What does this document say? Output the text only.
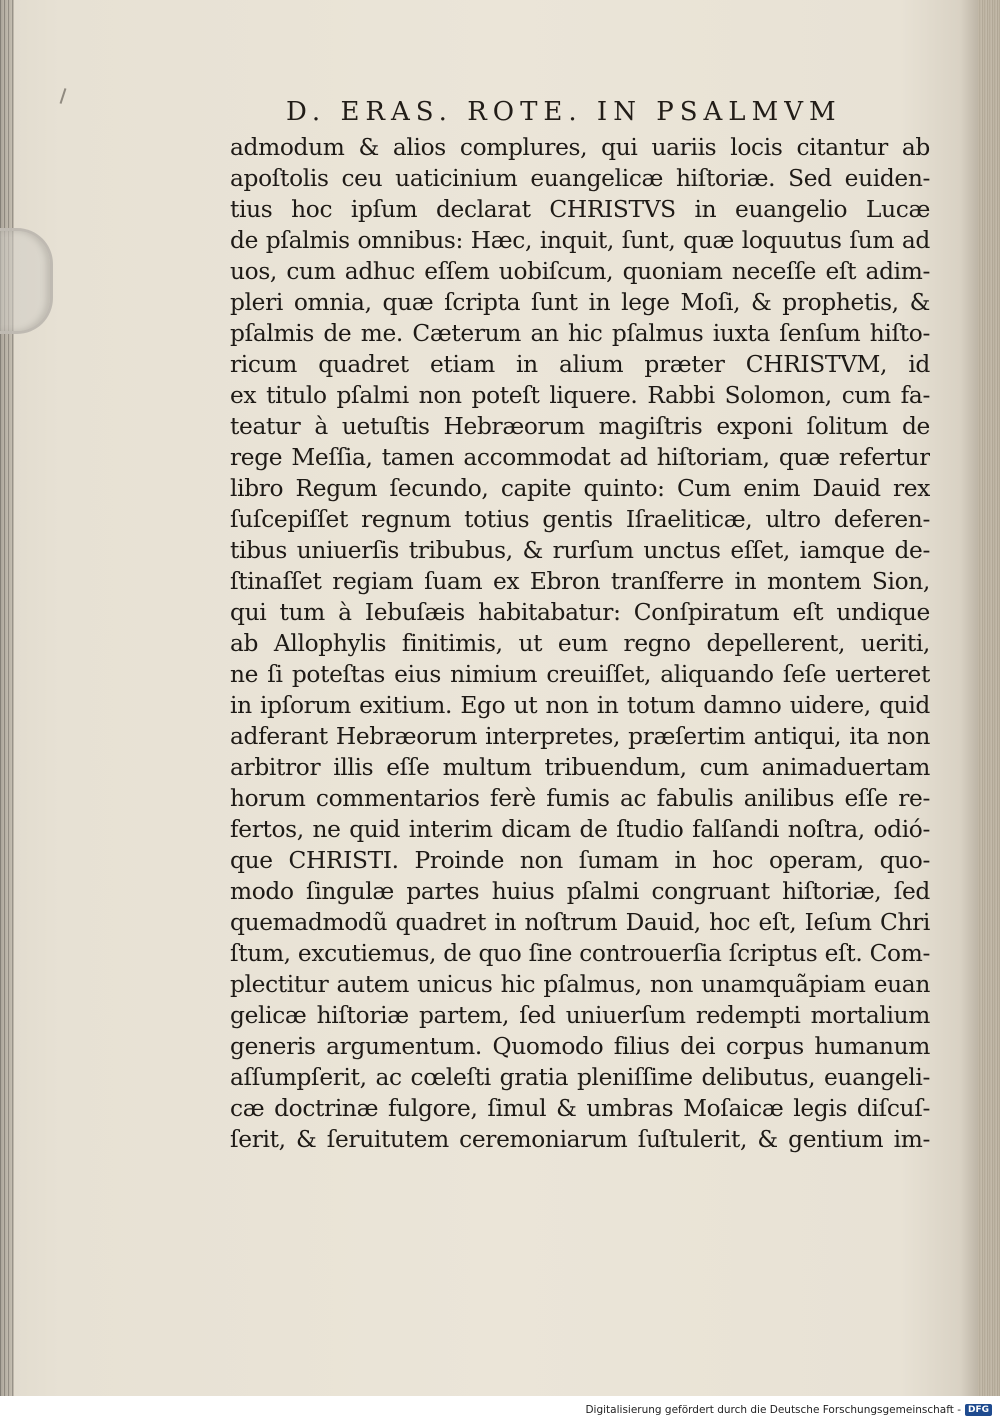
D. ERAS. ROTE. IN PSALMVM
admodum & alios complures, qui uariis locis citantur ab
apoſtolis ceu uaticinium euangelicæ hiſtoriæ. Sed euiden-
tius hoc ipſum declarat CHRISTVS in euangelio Lucæ
de pſalmis omnibus: Hæc, inquit, ſunt, quæ loquutus ſum ad
uos, cum adhuc eſſem uobiſcum, quoniam neceſſe eſt adim-
pleri omnia, quæ ſcripta ſunt in lege Moſi, & prophetis, &
pſalmis de me. Cæterum an hic pſalmus iuxta ſenſum hiſto-
ricum quadret etiam in alium præter CHRISTVM, id
ex titulo pſalmi non poteſt liquere. Rabbi Solomon, cum fa-
teatur à uetuſtis Hebræorum magiſtris exponi ſolitum de
rege Meſſia, tamen accommodat ad hiſtoriam, quæ refertur
libro Regum ſecundo, capite quinto: Cum enim Dauid rex
ſuſcepiſſet regnum totius gentis Iſraeliticæ, ultro deferen-
tibus uniuerſis tribubus, & rurſum unctus eſſet, iamque de-
ſtinaſſet regiam ſuam ex Ebron tranſferre in montem Sion,
qui tum à Iebuſæis habitabatur: Conſpiratum eſt undique
ab Allophylis finitimis, ut eum regno depellerent, ueriti,
ne ſi poteſtas eius nimium creuiſſet, aliquando ſeſe uerteret
in ipſorum exitium. Ego ut non in totum damno uidere, quid
adferant Hebræorum interpretes, præſertim antiqui, ita non
arbitror illis eſſe multum tribuendum, cum animaduertam
horum commentarios ferè fumis ac fabulis anilibus eſſe re-
fertos, ne quid interim dicam de ſtudio falſandi noſtra, odió-
que CHRISTI. Proinde non ſumam in hoc operam, quo-
modo ſingulæ partes huius pſalmi congruant hiſtoriæ, ſed
quemadmodũ quadret in noſtrum Dauid, hoc eſt, Ieſum Chri
ſtum, excutiemus, de quo ſine controuerſia ſcriptus eſt. Com-
plectitur autem unicus hic pſalmus, non unamquãpiam euan
gelicæ hiſtoriæ partem, ſed uniuerſum redempti mortalium
generis argumentum. Quomodo filius dei corpus humanum
aſſumpſerit, ac cœleſti gratia pleniſſime delibutus, euangeli-
cæ doctrinæ fulgore, ſimul & umbras Moſaicæ legis diſcuſ-
ſerit, & ſeruitutem ceremoniarum ſuſtulerit, & gentium im-
Digitalisierung gefördert durch die Deutsche Forschungsgemeinschaft - DFG
